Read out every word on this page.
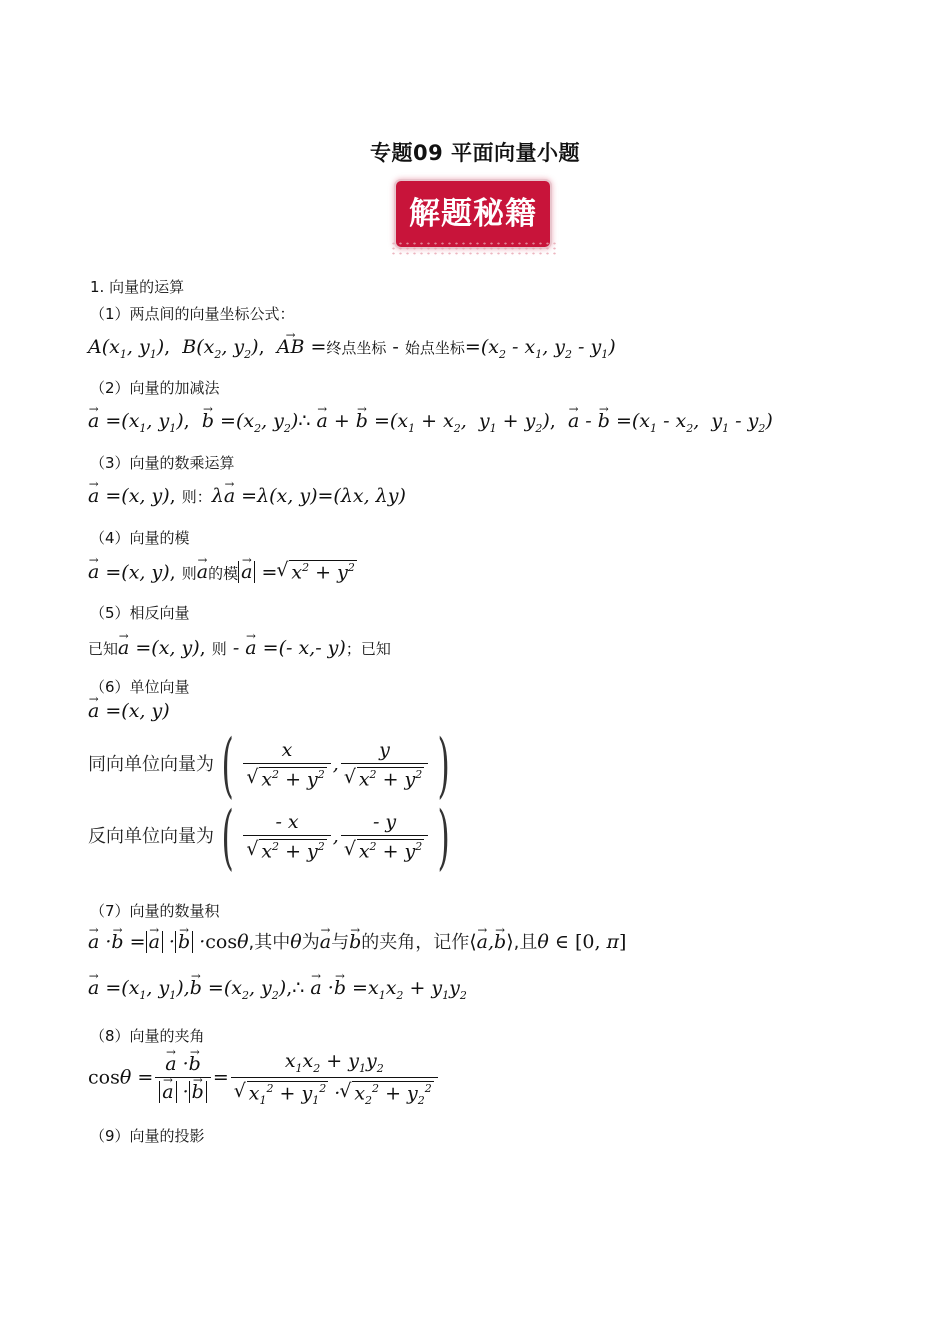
专题09 平面向量小题
解题秘籍
1. 向量的运算
（1）两点间的向量坐标公式：
$A(x_1$, $y_1$),  $B(x_2$, $y_2$),  → AB =终点坐标 - 始点坐标$=(x_2 - x_1$, $y_2 - y_1$)
（2）向量的加减法
→ $a =(x_1$, $y_1$),  → $b =(x_2$, $y_2)\therefore \to a$ + → $b =(x_1 + x_2$,  $y_1 + y_2$),  → a - → $b =(x_1 - x_2$,  $y_1 - y_2$)
（3）向量的数乘运算
→ a =(x, y), 则：λ→ a =λ(x, y)=(λx, λy)
（4）向量的模
→ a =(x, y), 则→ a的模→ a =√ $x^2 + y^2$
（5）相反向量
已知→ a =(x, y), 则 - → a =(- x,- y)；已知
（6）单位向量
→ a =(x, y)
同向单位向量为 ( x
√ $x^2 + y^2$ , y
√ $x^2 + y^2$ )
反向单位向量为 ( - x
√ $x^2 + y^2$ , - y
√ $x^2 + y^2$ )
（7）向量的数量积
→ a ·→ b =→ a ·→ b ·cosθ,其中θ为→ a与→ b的夹角，记作⟨→ a,→ b⟩,且θ ∈ [0, π]
→ $a =(x_1$, $y_1),\to b =(x_2$, $y_2),\therefore \to a \cdot\to b =x_1x_2 + y_1y_2$
（8）向量的夹角
cosθ =
→ a ·→ b
→ $a \cdot\to b = x_1x_2 + y_1y_2$
√ $x_1^2 + y_1^2$ ·√ $x_2^2 + y_2^2$
（9）向量的投影
